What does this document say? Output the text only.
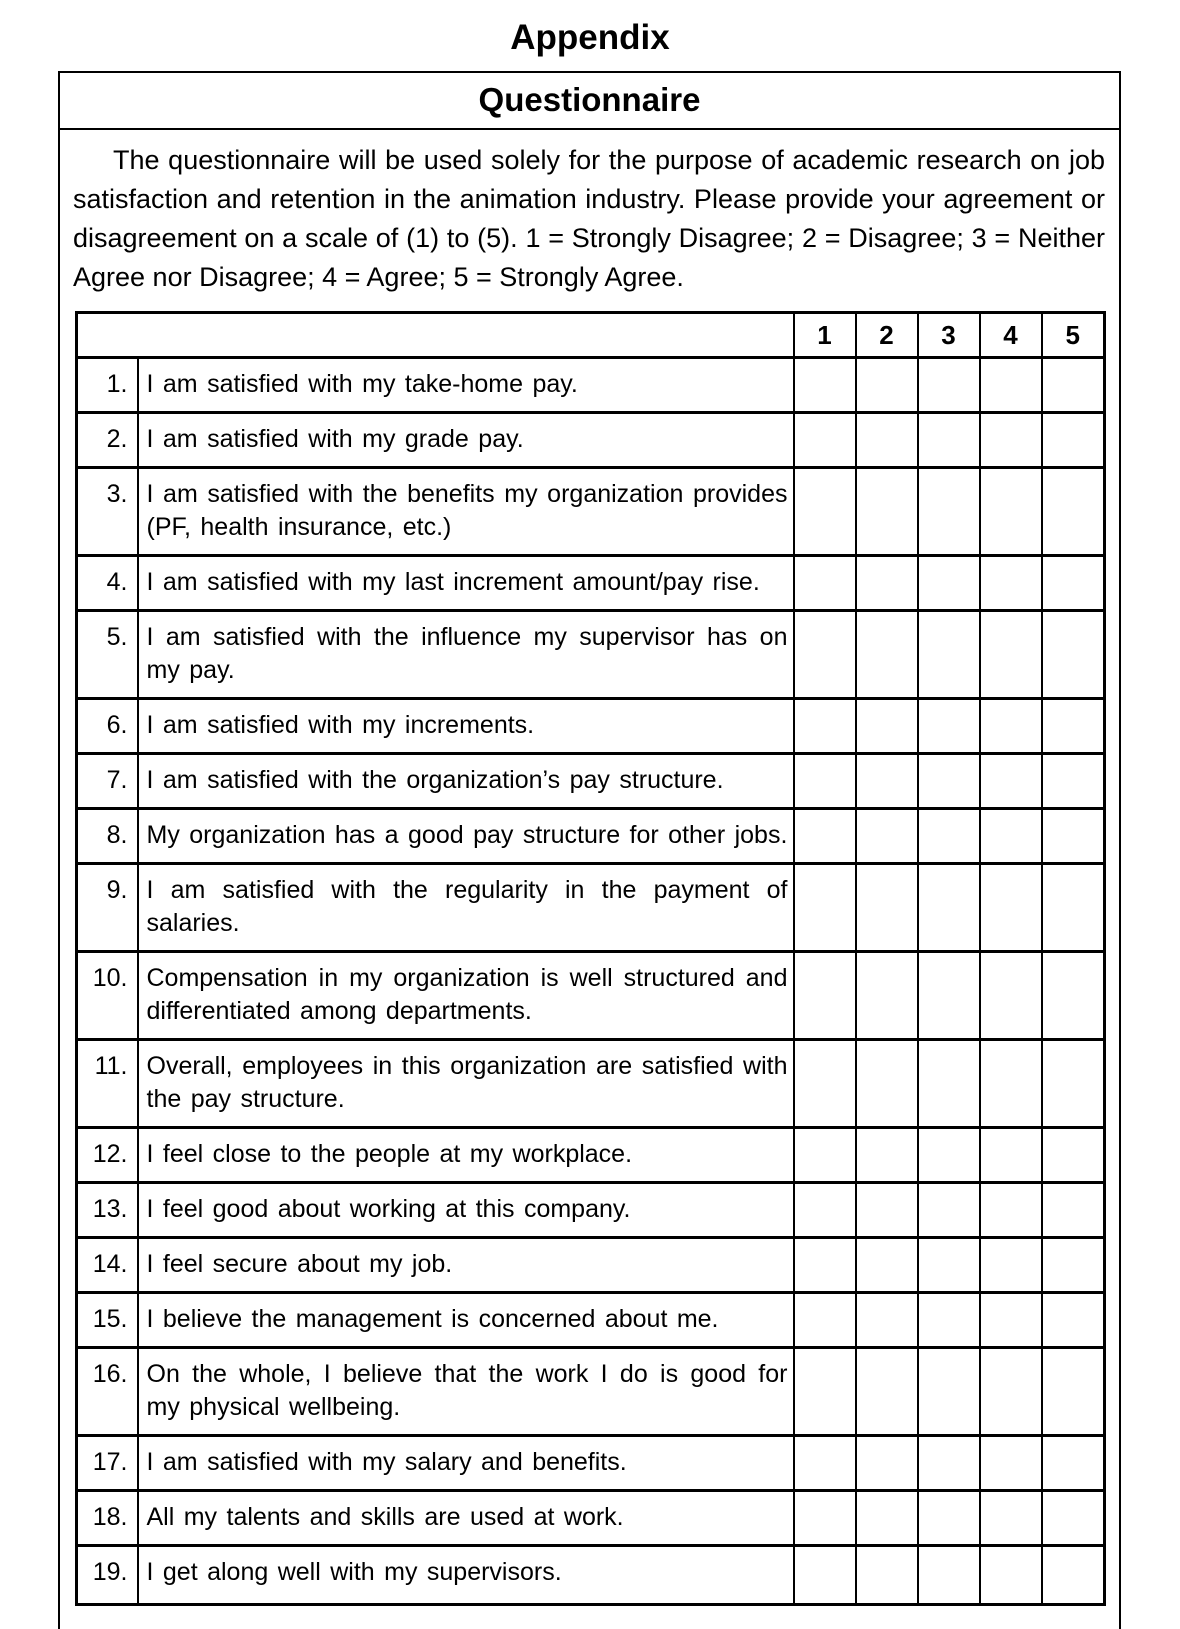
Appendix
Questionnaire

The questionnaire will be used solely for the purpose of academic research on job satisfaction and retention in the animation industry. Please provide your agreement or disagreement on a scale of (1) to (5). 1 = Strongly Disagree; 2 = Disagree; 3 = Neither Agree nor Disagree; 4 = Agree; 5 = Strongly Agree.

		1	2	3	4	5
1.	I am satisfied with my take-home pay.					
2.	I am satisfied with my grade pay.					
3.	I am satisfied with the benefits my organization provides (PF, health insurance, etc.)					
4.	I am satisfied with my last increment amount/pay rise.					
5.	I am satisfied with the influence my supervisor has on my pay.					
6.	I am satisfied with my increments.					
7.	I am satisfied with the organization’s pay structure.					
8.	My organization has a good pay structure for other jobs.					
9.	I am satisfied with the regularity in the payment of salaries.					
10.	Compensation in my organization is well structured and differentiated among departments.					
11.	Overall, employees in this organization are satisfied with the pay structure.					
12.	I feel close to the people at my workplace.					
13.	I feel good about working at this company.					
14.	I feel secure about my job.					
15.	I believe the management is concerned about me.					
16.	On the whole, I believe that the work I do is good for my physical wellbeing.					
17.	I am satisfied with my salary and benefits.					
18.	All my talents and skills are used at work.					
19.	I get along well with my supervisors.					
